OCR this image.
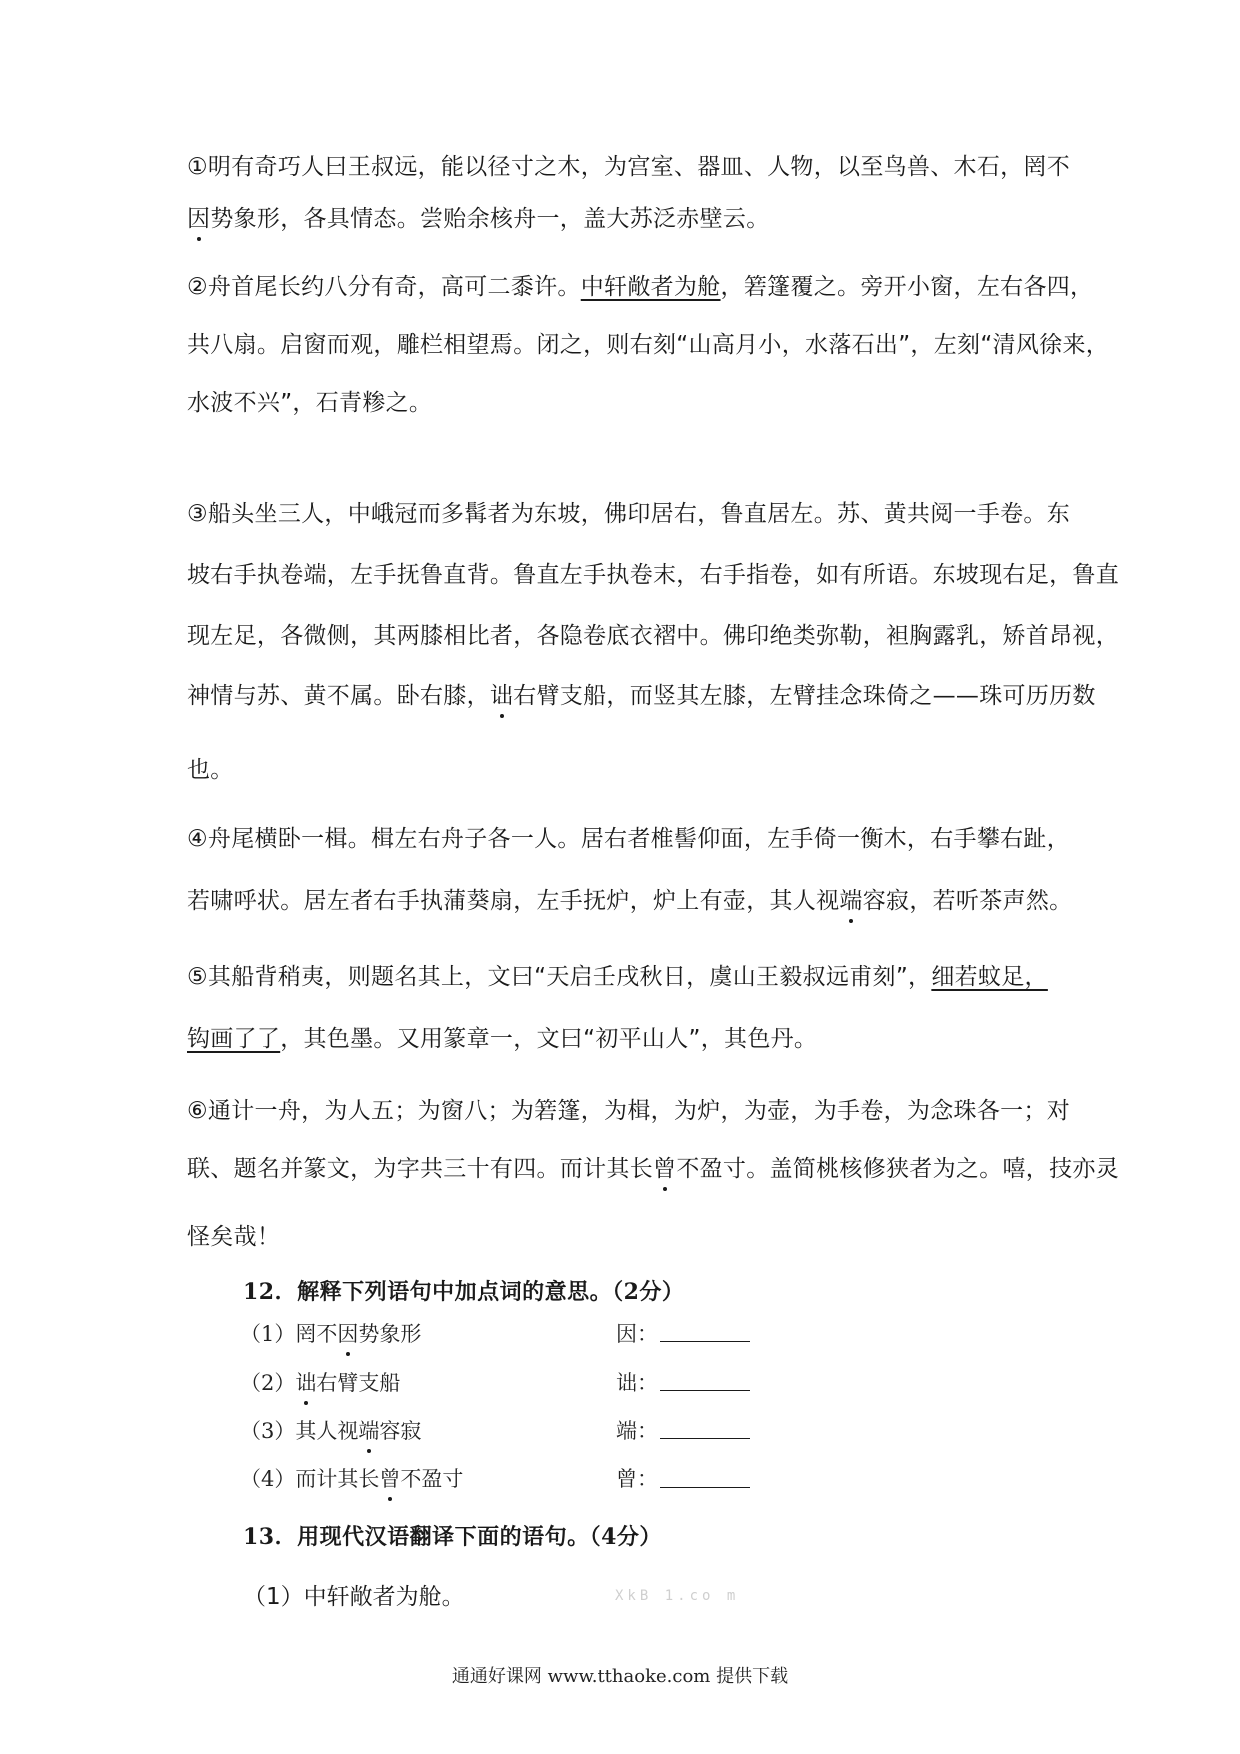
①明有奇巧人曰王叔远，能以径寸之木，为宫室、器皿、人物，以至鸟兽、木石，罔不
因势象形，各具情态。尝贻余核舟一，盖大苏泛赤壁云。
②舟首尾长约八分有奇，高可二黍许。中轩敞者为舱，箬篷覆之。旁开小窗，左右各四，
共八扇。启窗而观，雕栏相望焉。闭之，则右刻“山高月小，水落石出”，左刻“清风徐来，
水波不兴”，石青糁之。
③船头坐三人，中峨冠而多髯者为东坡，佛印居右，鲁直居左。苏、黄共阅一手卷。东
坡右手执卷端，左手抚鲁直背。鲁直左手执卷末，右手指卷，如有所语。东坡现右足，鲁直
现左足，各微侧，其两膝相比者，各隐卷底衣褶中。佛印绝类弥勒，袒胸露乳，矫首昂视，
神情与苏、黄不属。卧右膝，诎右臂支船，而竖其左膝，左臂挂念珠倚之——珠可历历数
也。
④舟尾横卧一楫。楫左右舟子各一人。居右者椎髻仰面，左手倚一衡木，右手攀右趾，
若啸呼状。居左者右手执蒲葵扇，左手抚炉，炉上有壶，其人视端容寂，若听茶声然。
⑤其船背稍夷，则题名其上，文曰“天启壬戌秋日，虞山王毅叔远甫刻”，细若蚊足，
钩画了了，其色墨。又用篆章一，文曰“初平山人”，其色丹。
⑥通计一舟，为人五；为窗八；为箬篷，为楫，为炉，为壶，为手卷，为念珠各一；对
联、题名并篆文，为字共三十有四。而计其长曾不盈寸。盖简桃核修狭者为之。嘻，技亦灵
怪矣哉！
12．解释下列语句中加点词的意思。（2分）
（1）罔不因势象形	因：
（2）诎右臂支船	诎：
（3）其人视端容寂	端：
（4）而计其长曾不盈寸	曾：
13．用现代汉语翻译下面的语句。（4分）
（1）中轩敞者为舱。	XkB 1.co m
通通好课网 www.tthaoke.com 提供下载
